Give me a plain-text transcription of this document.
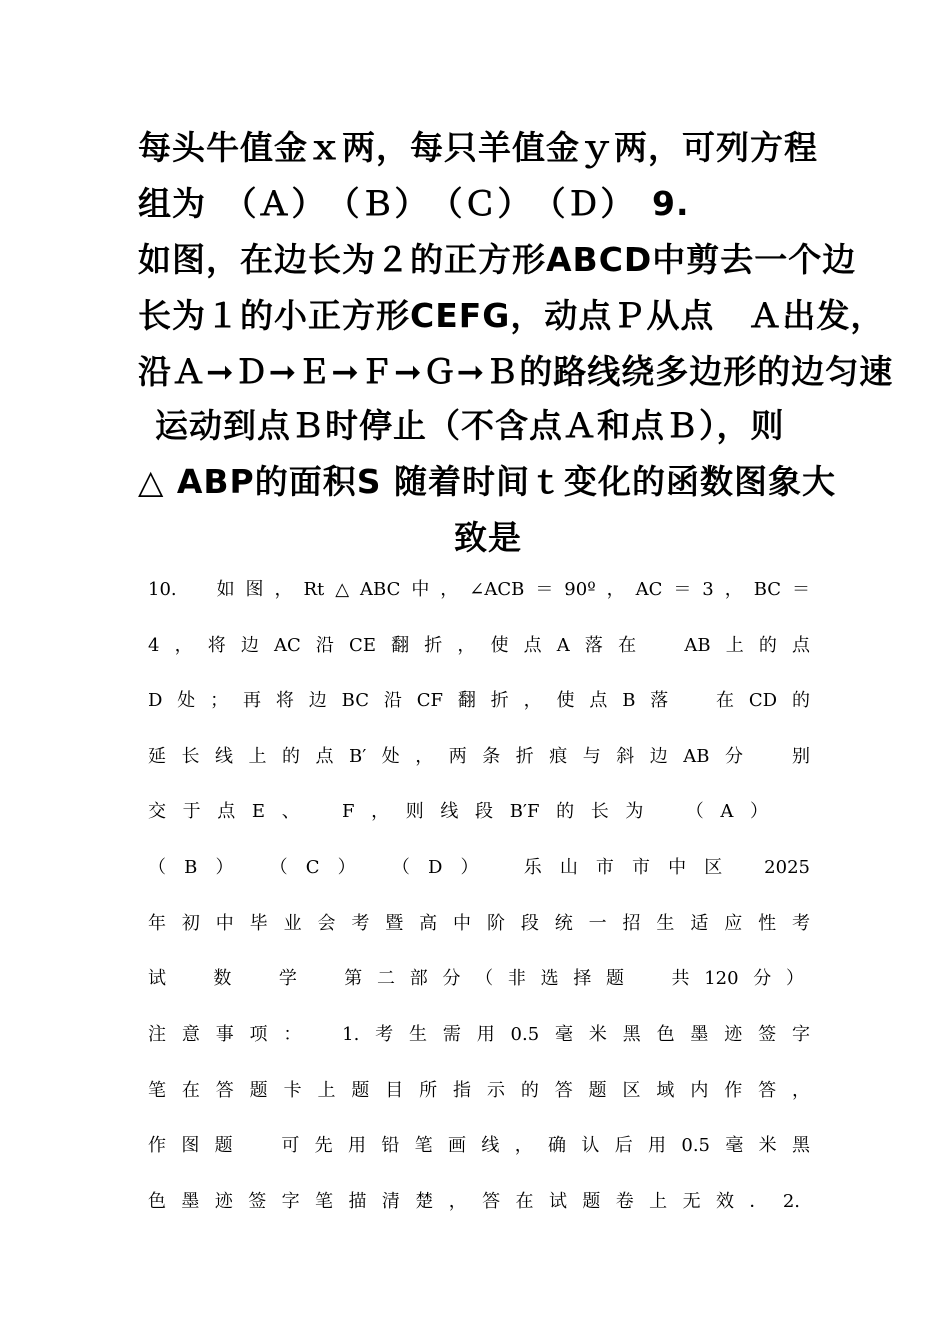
每头牛值金ｘ两，每只羊值金ｙ两，可列方程
组为　（Ａ）　（Ｂ）　（Ｃ）　（Ｄ）　9.
如图，在边长为２的正方形ABCD中剪去一个边
长为１的小正方形CEFG，动点Ｐ从点　Ａ出发，
沿Ａ➞Ｄ➞Ｅ➞Ｆ➞Ｇ➞Ｂ的路线绕多边形的边匀速
运动到点Ｂ时停止（不含点Ａ和点Ｂ），则
△ ABP的面积S 随着时间ｔ变化的函数图象大
致是
10.　如图，Rt△ABC中，∠ACB＝90º，AC＝3，BC＝
4，将边AC沿CE翻折，使点A落在　AB上的点
D处；再将边BC沿CF翻折，使点B落　在CD的
延长线上的点B′处，两条折痕与斜边AB分　别
交于点E、　F，则线段B′F的长为　（A）
（B）　（C）　（D）　乐山市市中区 2025
年初中毕业会考暨高中阶段统一招生适应性考
试　数　学　第二部分（非选择题　共120分）
注意事项：　1.考生需用0.5毫米黑色墨迹签字
笔在答题卡上题目所指示的答题区域内作答，
作图题　可先用铅笔画线，确认后用0.5毫米黑
色墨迹签字笔描清楚，答在试题卷上无效．2.
